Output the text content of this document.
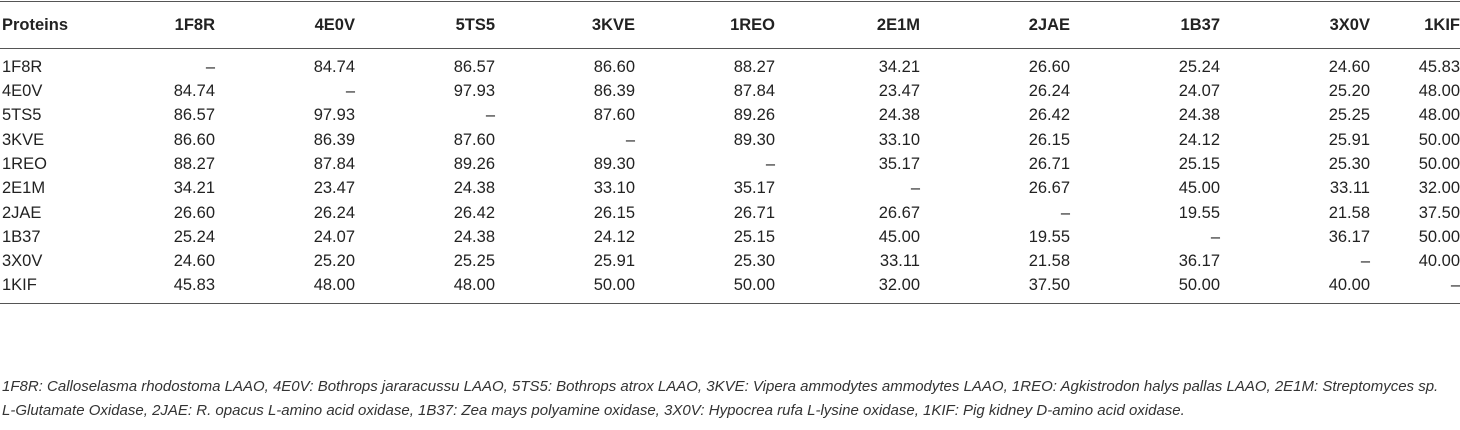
Proteins	1F8R	4E0V	5TS5	3KVE	1REO	2E1M	2JAE	1B37	3X0V	1KIF
1F8R	–	84.74	86.57	86.60	88.27	34.21	26.60	25.24	24.60	45.83
4E0V	84.74	–	97.93	86.39	87.84	23.47	26.24	24.07	25.20	48.00
5TS5	86.57	97.93	–	87.60	89.26	24.38	26.42	24.38	25.25	48.00
3KVE	86.60	86.39	87.60	–	89.30	33.10	26.15	24.12	25.91	50.00
1REO	88.27	87.84	89.26	89.30	–	35.17	26.71	25.15	25.30	50.00
2E1M	34.21	23.47	24.38	33.10	35.17	–	26.67	45.00	33.11	32.00
2JAE	26.60	26.24	26.42	26.15	26.71	26.67	–	19.55	21.58	37.50
1B37	25.24	24.07	24.38	24.12	25.15	45.00	19.55	–	36.17	50.00
3X0V	24.60	25.20	25.25	25.91	25.30	33.11	21.58	36.17	–	40.00
1KIF	45.83	48.00	48.00	50.00	50.00	32.00	37.50	50.00	40.00	–
1F8R: Calloselasma rhodostoma LAAO, 4E0V: Bothrops jararacussu LAAO, 5TS5: Bothrops atrox LAAO, 3KVE: Vipera ammodytes ammodytes LAAO, 1REO: Agkistrodon halys pallas LAAO, 2E1M: Streptomyces sp. L-Glutamate Oxidase, 2JAE: R. opacus L-amino acid oxidase, 1B37: Zea mays polyamine oxidase, 3X0V: Hypocrea rufa L-lysine oxidase, 1KIF: Pig kidney D-amino acid oxidase.
